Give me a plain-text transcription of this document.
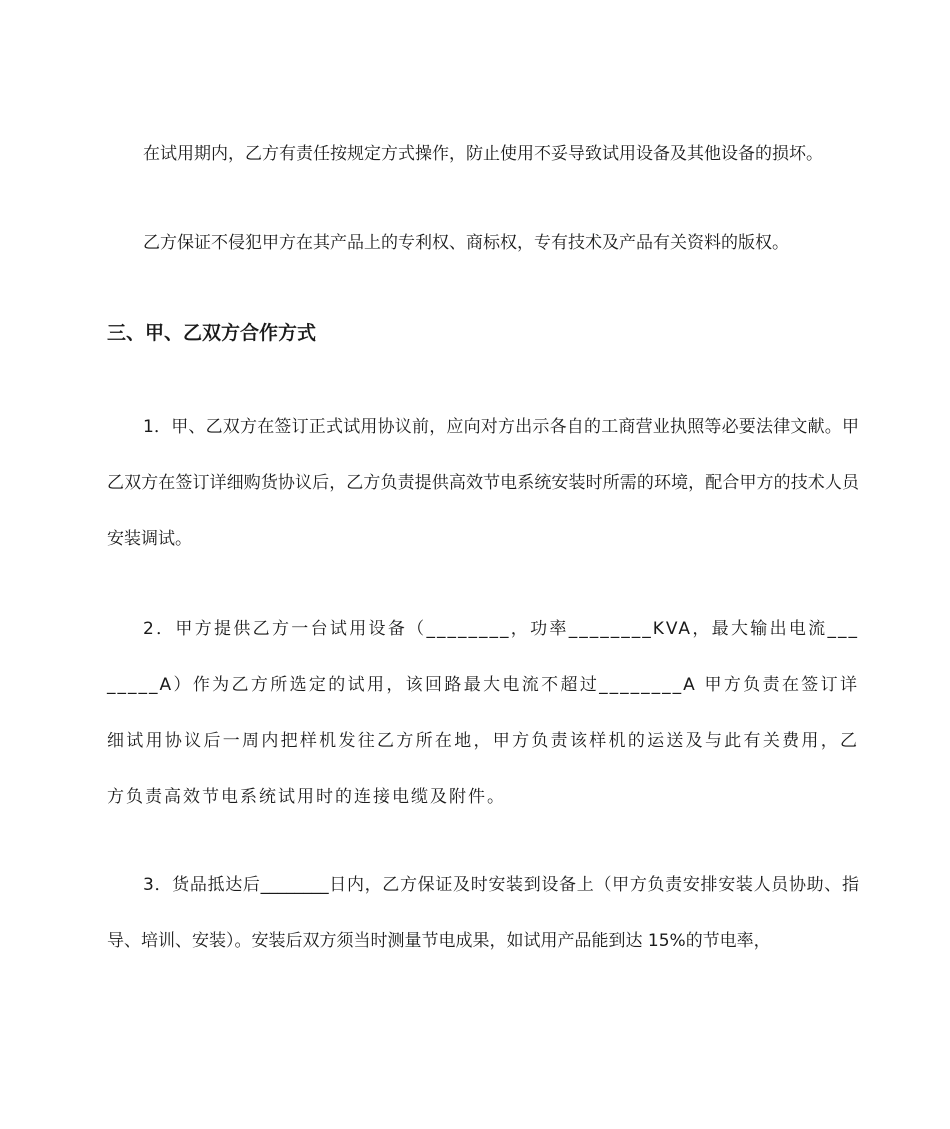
在试用期内，乙方有责任按规定方式操作，防止使用不妥导致试用设备及其他设备的损坏。

乙方保证不侵犯甲方在其产品上的专利权、商标权，专有技术及产品有关资料的版权。

三、甲、乙双方合作方式

1．甲、乙双方在签订正式试用协议前，应向对方出示各自的工商营业执照等必要法律文献。甲乙双方在签订详细购货协议后，乙方负责提供高效节电系统安装时所需的环境，配合甲方的技术人员安装调试。

2．甲方提供乙方一台试用设备（________，功率________KVA，最大输出电流________A）作为乙方所选定的试用，该回路最大电流不超过________A 甲方负责在签订详细试用协议后一周内把样机发往乙方所在地，甲方负责该样机的运送及与此有关费用，乙方负责高效节电系统试用时的连接电缆及附件。

3．货品抵达后________日内，乙方保证及时安装到设备上（甲方负责安排安装人员协助、指导、培训、安装）。安装后双方须当时测量节电成果，如试用产品能到达 15%的节电率，
